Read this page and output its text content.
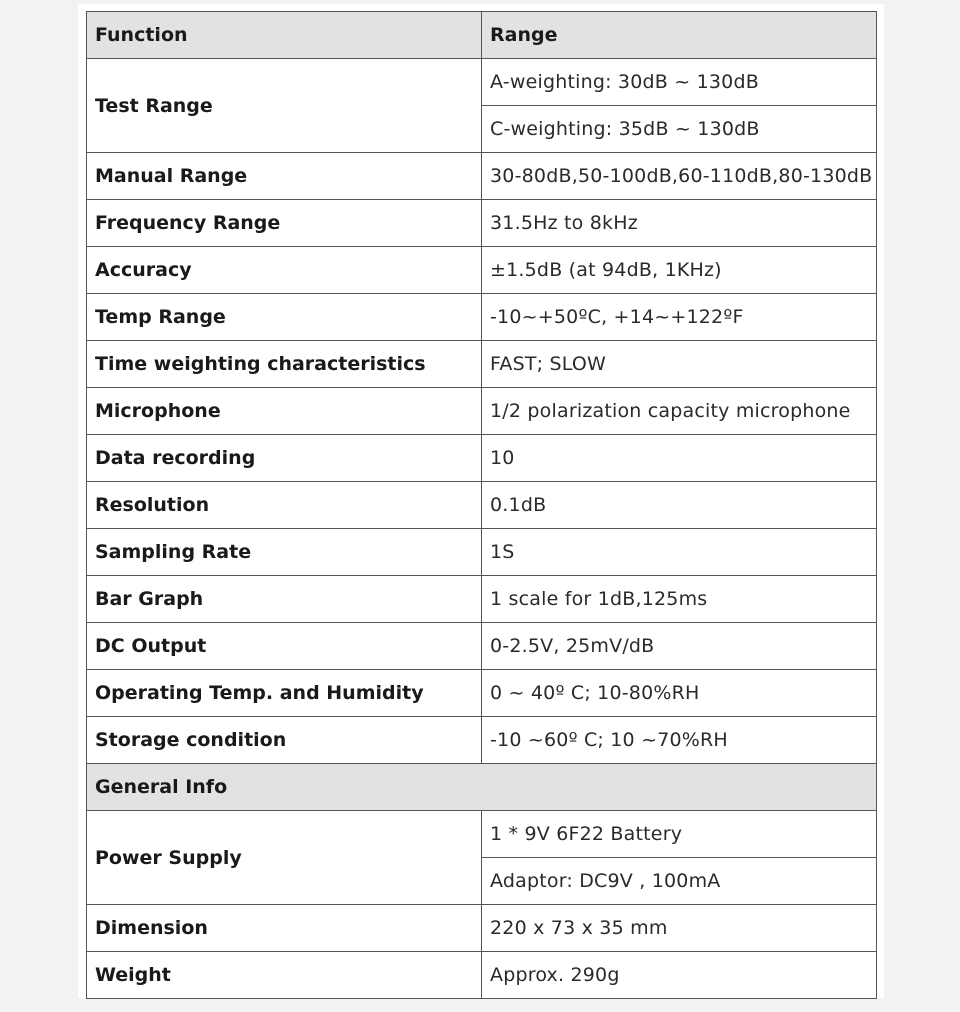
Function	Range
Test Range	A-weighting: 30dB ~ 130dB
	C-weighting: 35dB ~ 130dB
Manual Range	30-80dB,50-100dB,60-110dB,80-130dB
Frequency Range	31.5Hz to 8kHz
Accuracy	±1.5dB (at 94dB, 1KHz)
Temp Range	-10~+50ºC, +14~+122ºF
Time weighting characteristics	FAST; SLOW
Microphone	1/2 polarization capacity microphone
Data recording	10
Resolution	0.1dB
Sampling Rate	1S
Bar Graph	1 scale for 1dB,125ms
DC Output	0-2.5V, 25mV/dB
Operating Temp. and Humidity	0 ~ 40º C; 10-80%RH
Storage condition	-10 ~60º C; 10 ~70%RH
General Info	
Power Supply	1 * 9V 6F22 Battery
	Adaptor: DC9V , 100mA
Dimension	220 x 73 x 35 mm
Weight	Approx. 290g
